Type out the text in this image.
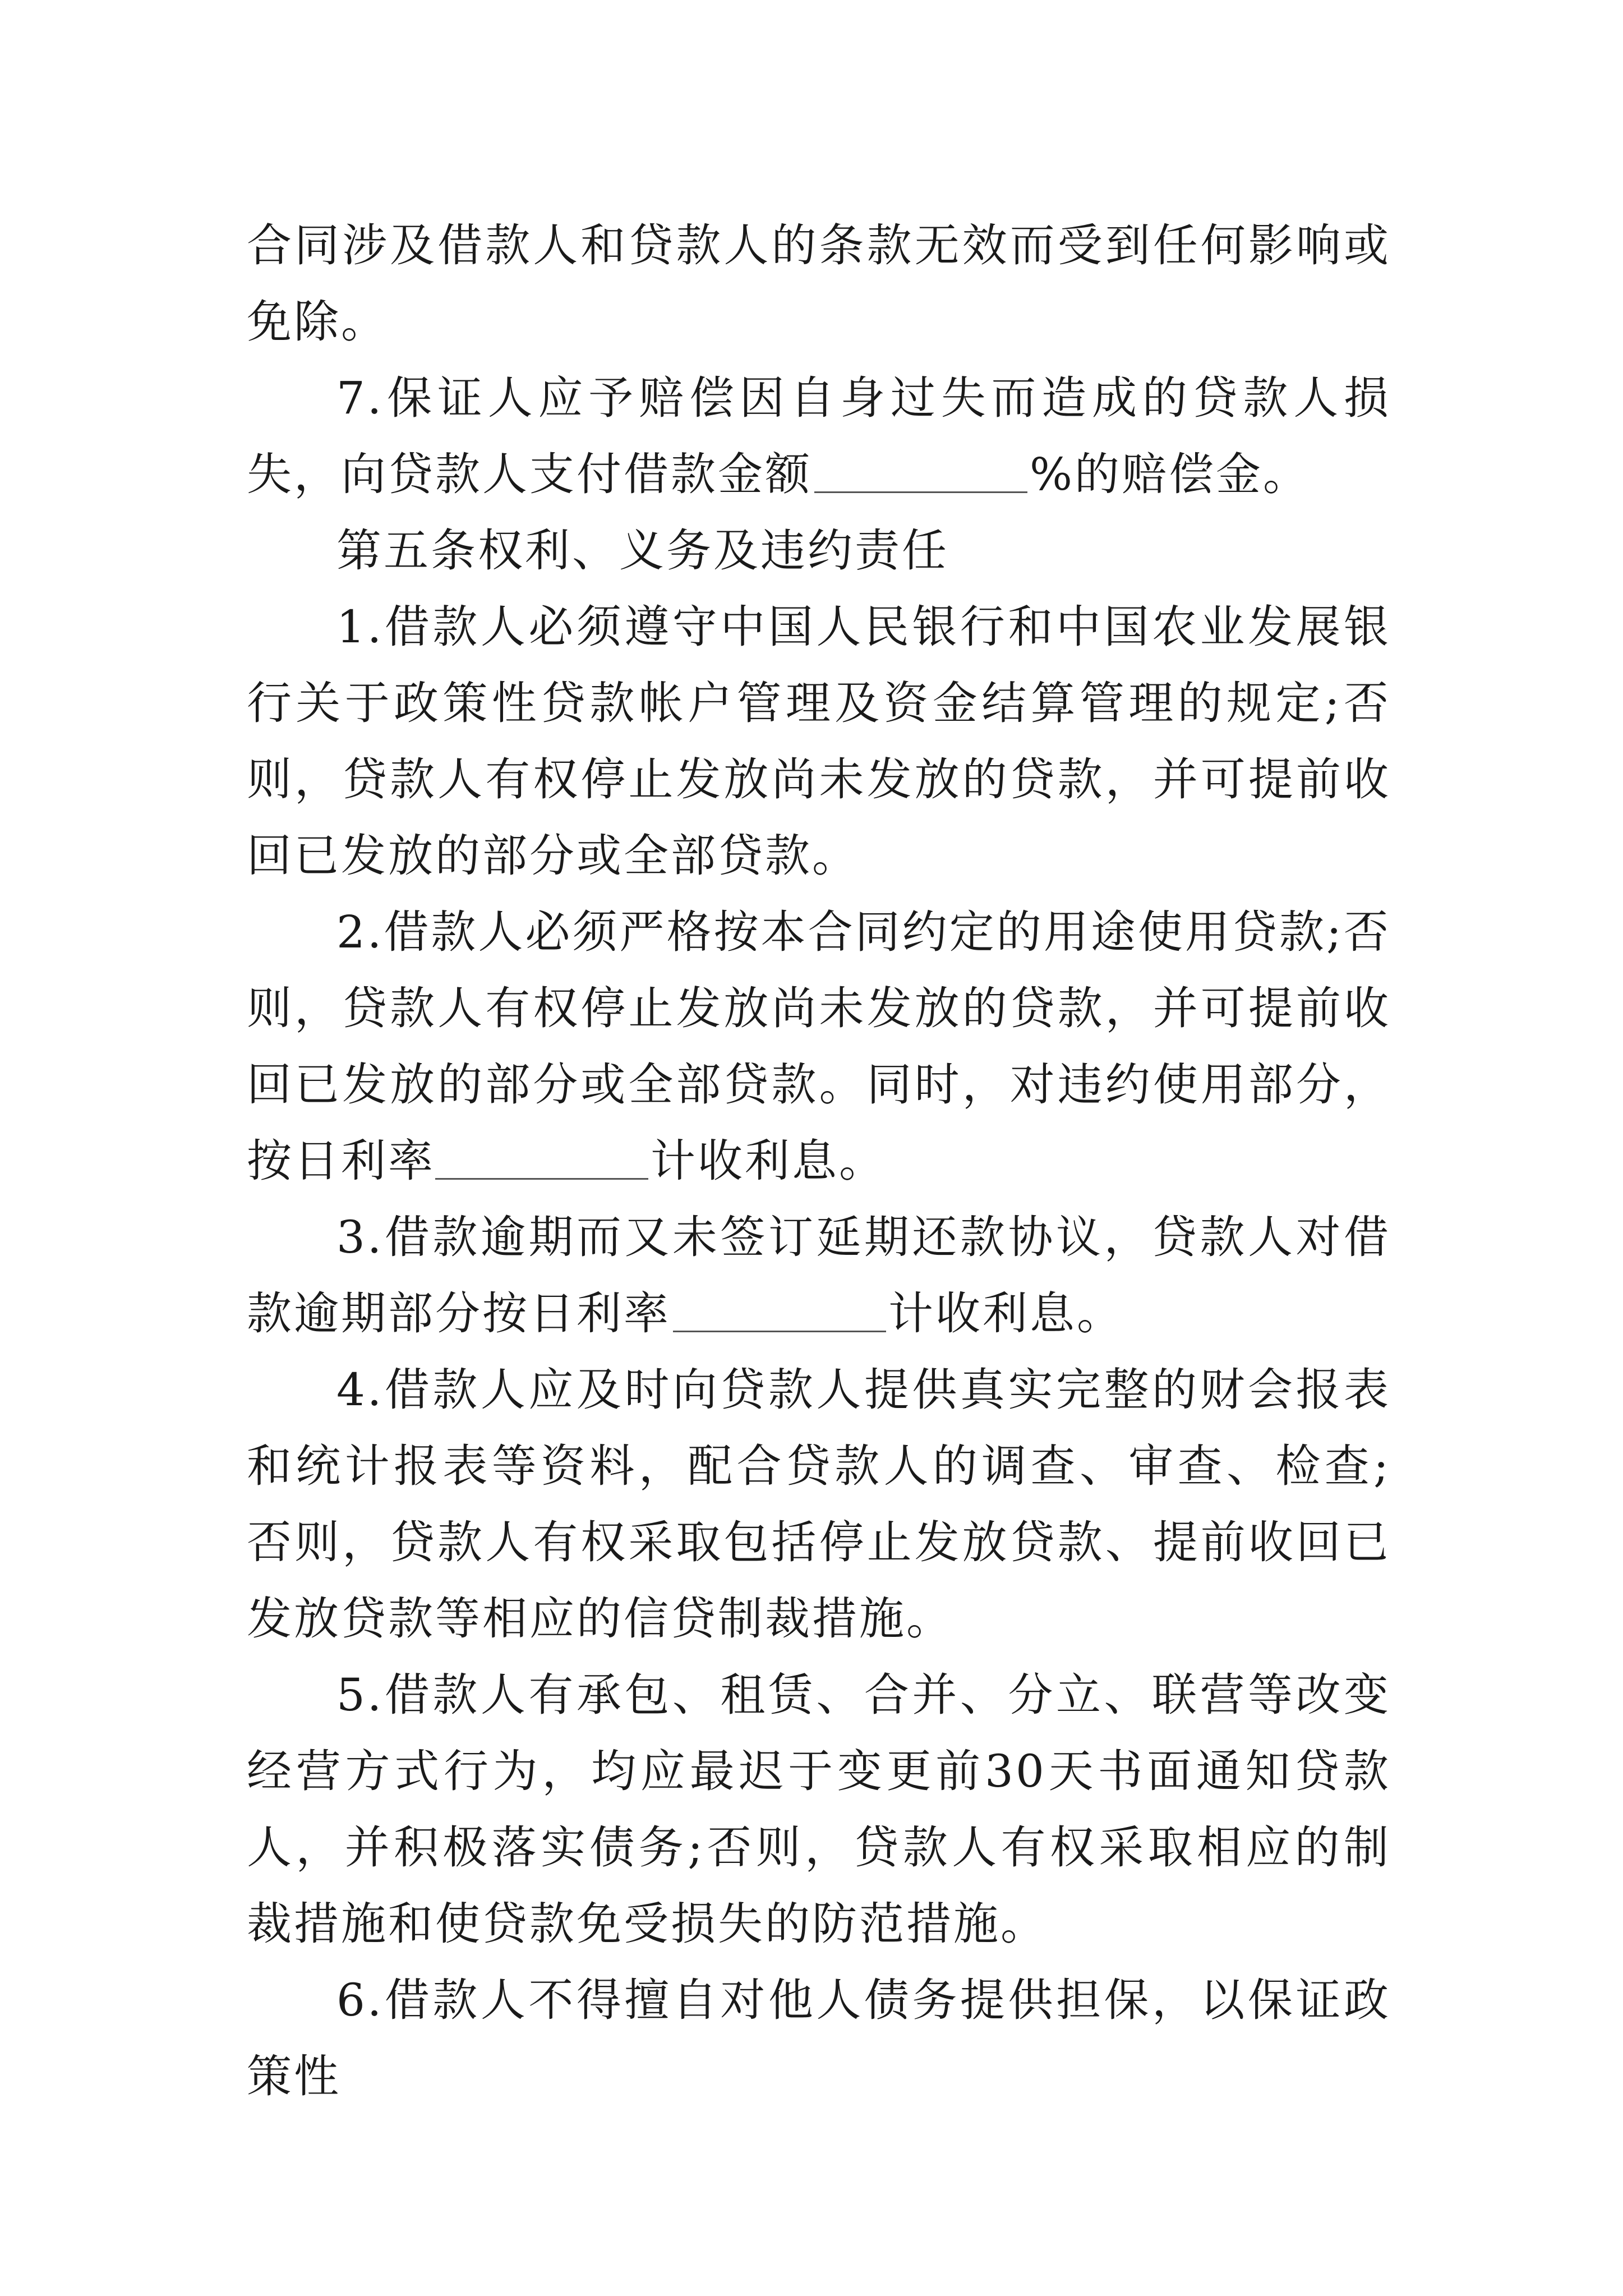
合同涉及借款人和贷款人的条款无效而受到任何影响或免除。

7.保证人应予赔偿因自身过失而造成的贷款人损失，向贷款人支付借款金额	%的赔偿金。

第五条权利、义务及违约责任

1.借款人必须遵守中国人民银行和中国农业发展银行关于政策性贷款帐户管理及资金结算管理的规定;否则，贷款人有权停止发放尚未发放的贷款，并可提前收回已发放的部分或全部贷款。

2.借款人必须严格按本合同约定的用途使用贷款;否则，贷款人有权停止发放尚未发放的贷款，并可提前收回已发放的部分或全部贷款。同时，对违约使用部分，按日利率	计收利息。

3.借款逾期而又未签订延期还款协议，贷款人对借款逾期部分按日利率	计收利息。

4.借款人应及时向贷款人提供真实完整的财会报表和统计报表等资料，配合贷款人的调查、审查、检查;否则，贷款人有权采取包括停止发放贷款、提前收回已发放贷款等相应的信贷制裁措施。

5.借款人有承包、租赁、合并、分立、联营等改变经营方式行为，均应最迟于变更前30天书面通知贷款人，并积极落实债务;否则，贷款人有权采取相应的制裁措施和使贷款免受损失的防范措施。

6.借款人不得擅自对他人债务提供担保，以保证政策性
